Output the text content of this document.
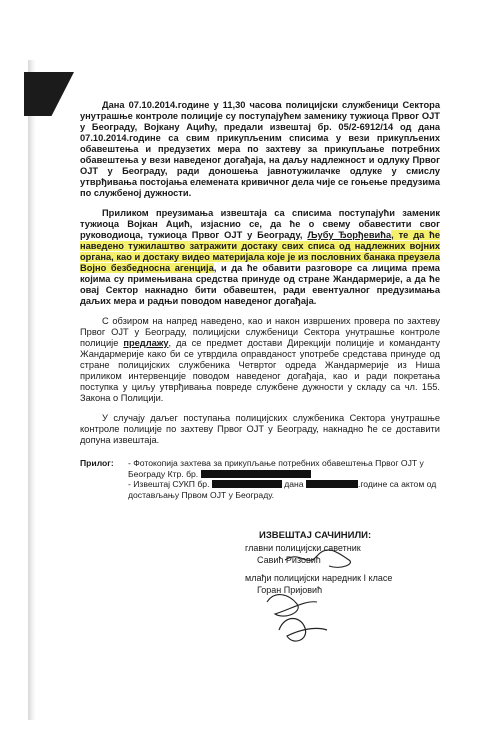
Дана 07.10.2014.године у 11,30 часова полицијски службеници Сектора унутрашње контроле полиције су поступајућем заменику тужиоца Првог ОЈТ у Београду, Војкану Ацићу, предали извештај бр. 05/2-6912/14 од дана 07.10.2014.године са свим прикупљеним списима у вези прикупљених обавештења и предузетих мера по захтеву за прикупљање потребних обавештења у вези наведеног догађаја, на даљу надлежност и одлуку Првог ОЈТ у Београду, ради доношења јавнотужилачке одлуке у смислу утврђивања постојања елемената кривичног дела чије се гоњење предузима по службеној дужности.

Приликом преузимања извештаја са списима поступајући заменик тужиоца Војкан Ацић, изјаснио се, да ће о свему обавестити свог руководиоца, тужиоца Првог ОЈТ у Београду, Љубу Ђорђевића, те да ће наведено тужилаштво затражити достаку свих списа од надлежних војних органа, као и достаку видео материјала које је из пословних банака преузела Војно безбедносна агенција, и да ће обавити разговоре са лицима према којима су примењивана средства принуде од стране Жандармерије, а да ће овај Сектор накнадно бити обавештен, ради евентуалног предузимања даљих мера и радњи поводом наведеног догађаја.

С обзиром на напред наведено, као и након извршених провера по захтеву Првог ОЈТ у Београду, полицијски службеници Сектора унутрашње контроле полиције предлажу, да се предмет достави Дирекцији полиције и команданту Жандармерије како би се утврдила оправданост употребе средстава принуде од стране полицијских службеника Четвртог одреда Жандармерије из Ниша приликом интервенције поводом наведеног догађаја, као и ради покретања поступка у циљу утврђивања повреде службене дужности у складу са чл. 155. Закона о Полицији.

У случају даљег поступања полицијских службеника Сектора унутрашње контроле полиције по захтеву Првог ОЈТ у Београду, накнадно ће се доставити допуна извештаја.

Прилог:	- Фотокопија захтева за прикупљање потребних обавештења Првог ОЈТ у Београду Ктр. бр.
- Извештај СУКП бр.	дана	.године са актом од достављању Првом ОЈТ у Београду.
ИЗВЕШТАЈ САЧИНИЛИ:
главни полицијски саветник
Савић Ризовић
млађи полицијски наредник I класе
Горан Пријовић
